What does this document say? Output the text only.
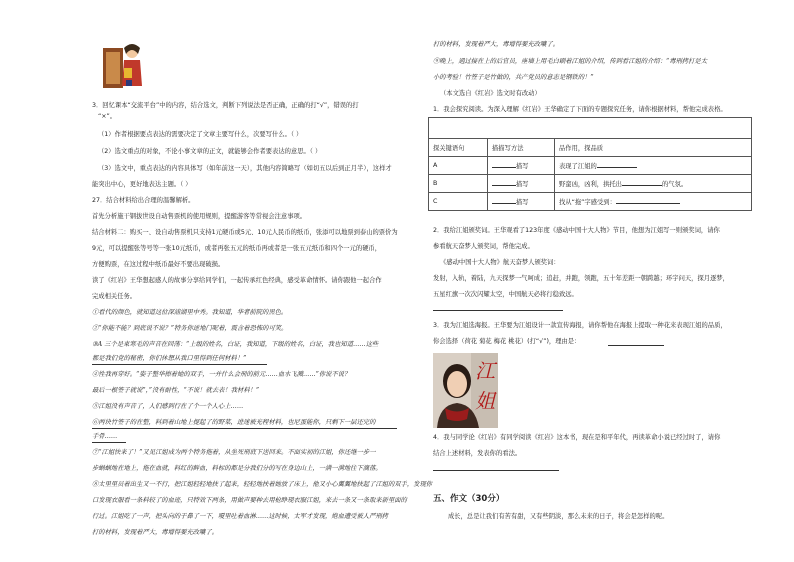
3．回忆课本“交流平台”中的内容，结合选文，判断下列说法是否正确，正确的打“√”，错误的打
“×”。
（1）作者根据要点表达的需要决定了文章主要写什么，次要写什么。（ ）
（2）选文重点的对象，不论小事文章的正文，就能够会作者要表达的意思。（ ）
（3）选文中，重点表达的内容具体写（如年前这一天），其他内容简略写（如切五以后到正月半），这样才
能突出中心，更好地表达主题。（ ）
27．结合材料给出合理的温馨解析。
首先分析施干钢拔世设自动售票机的使用规则，提醒游客等常视会注意事项。
结合材料二：购买一、设自动售票机只支持1元硬币或5元、10元人民币的纸币，张添可以地票到泰山的票价为
9元，可以提醒张等号等一张10元纸币，或者再张五元的纸币再或者是一张五元纸币和四个一元的硬币，
方便购票，在这过程中纸币最好不要出现破损。
读了《红岩》王华想起感人的故事分享给同学们，一起传承红色经典，感受革命情怀。请你跟他一起合作
完成相关任务。
①看代的颜色，就知道这位深浦湖里中秀。我知道，华者前院的黑色。
②“你能不能？到底说不说？”特务你逆地门呢着，震含着恐怖的可笑。
③A 三个是束寒毛的声音在回荡：“上级的姓名，白证，我知道，下级的姓名，白证，我也知道……这些
都是我们党的秘密，你们休想从我口里得到任何材料！”
④性我再穿好。“姿子整华擦着她的双手，一并什么会刑的前元……血水飞溅……”你说不说？
最后一根签子就说”，”没有耐性，“不说！就去表！我材料！”
⑤江姐没有声音了，人们感到行在了个一个人心上……
⑥两块竹签子的在整，料到着山地上提起了的野菜，进迷被光程材料，也尼蛋能你，只剩下一层还完的
手骨……
⑦“江姐快来了！”又见江姐成为两个特务拖着，从坐死刑底下送回来。不面实初的江姐，你还继一步一
步蜗蜗地在地上，拖在血就，料红的鲜血，料标的都是分我们分的写在身边山上，一满一满地往下滴落。
⑧太里里员着出生又一不行，把江姐轻轻地扶了起来，轻轻地扶着她放了床上，他又小心翼翼地扶起了江姐的双手，发现你
口发现衣服看一条料较了的血迹，只特效下两条，用做声要种去用枪睁现衣服江姐，来去一条又一条取来新里面的
行过。江姐吃了一声，把头向的于鼻了一下，嗄里吐着血淋……这时候，太军才发现，炮血遭受被人严刑拷
打的材料，发现着严大，毒增得要充改嚷了。
打的材料，发现着严大，毒增得要充改嚷了。
⑨晚上，遇过接在上的后官员，座墙上用毛白刷着江姐的介绍，传到看江姐的介绍：“毒刑拷打是太
小的考验！竹签子是竹做的，共产党员的意志是钢铁的！”
（本文选自《红岩》选文时有改动）
1．我会探究阅读。为深入理解《红岩》王华确定了下面的专题探究任务，请你根据材料，帮他完成表格。

探关键语句	描描写方法	品作用，探品质
A	描写	表现了江姐的
B	描写	野蛮凶，凶利，拱托出 的气氛。
C	描写	找从“拖”字感受到：
2．我给江姐颁奖词。王华观看了123年度《感动中国十大人物》节目，他想为江姐写一则颁奖词，请你
参看航天奋梦人颁奖词，帮他完成。
《感动中国十大人物》航天奋梦人颁奖词：
发射，入轨，着陆，九天探梦一气呵成；追赶，并跑，领跑，五十年差距一朝跨越；环宇问天，探月逐梦，
五星红旗一次次闪耀太空，中国航天必将行稳致远。
3．我为江姐选海报。王华要为江姐设计一款宣传海报，请你帮他在海报上提取一种花来表现江姐的品质，
你会选择（荷花 菊花 梅花 桃花）(打“√”)，理由是：
江姐
4．我与同学论《红岩》有同学阅读《红岩》这本书，现在是和平年代，再读革命小说已经过时了，请你
结合上述材料，发表你的看法。
五、作文（30分）
成长，总是让我们有苦有甜，又有些阴淡，那么未来的日子，将会是怎样的呢。
